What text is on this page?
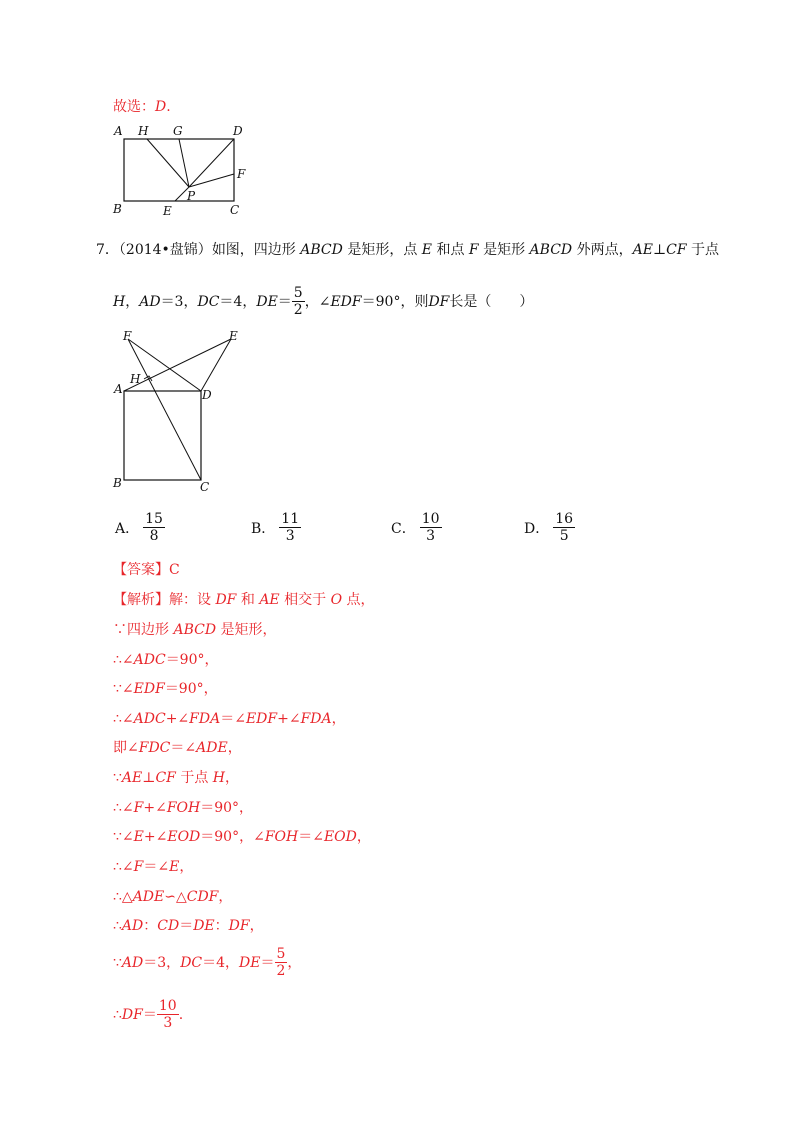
故选：D.
A H G	D
F
P
B	E	C
7．（2014•盘锦）如图，四边形 ABCD 是矩形，点 E 和点 F 是矩形 ABCD 外两点，AE⊥CF 于点
H ， AD ＝3， DC ＝4， DE ＝ $\frac{5}{2}$ ，∠ EDF ＝90°，则 DF 长是（　　）
F	E
H
A	D
B	C
A． $\frac{15}{8}$	B． $\frac{11}{3}$	C． $\frac{10}{3}$	D． $\frac{16}{5}$
【答案】C
【解析】解：设 DF 和 AE 相交于 O 点，
∵四边形 ABCD 是矩形，
∴∠ADC＝90°，
∵∠EDF＝90°，
∴∠ADC+∠FDA＝∠EDF+∠FDA，
即∠FDC＝∠ADE，
∵AE⊥CF 于点 H，
∴∠F+∠FOH＝90°，
∵∠E+∠EOD＝90°，∠FOH＝∠EOD，
∴∠F＝∠E，
∴△ADE∽△CDF，
∴AD：CD＝DE：DF，
∵ AD ＝3， DC ＝4， DE ＝ $\frac{5}{2}$ ，
∴ DF ＝ $\frac{10}{3}$ .
